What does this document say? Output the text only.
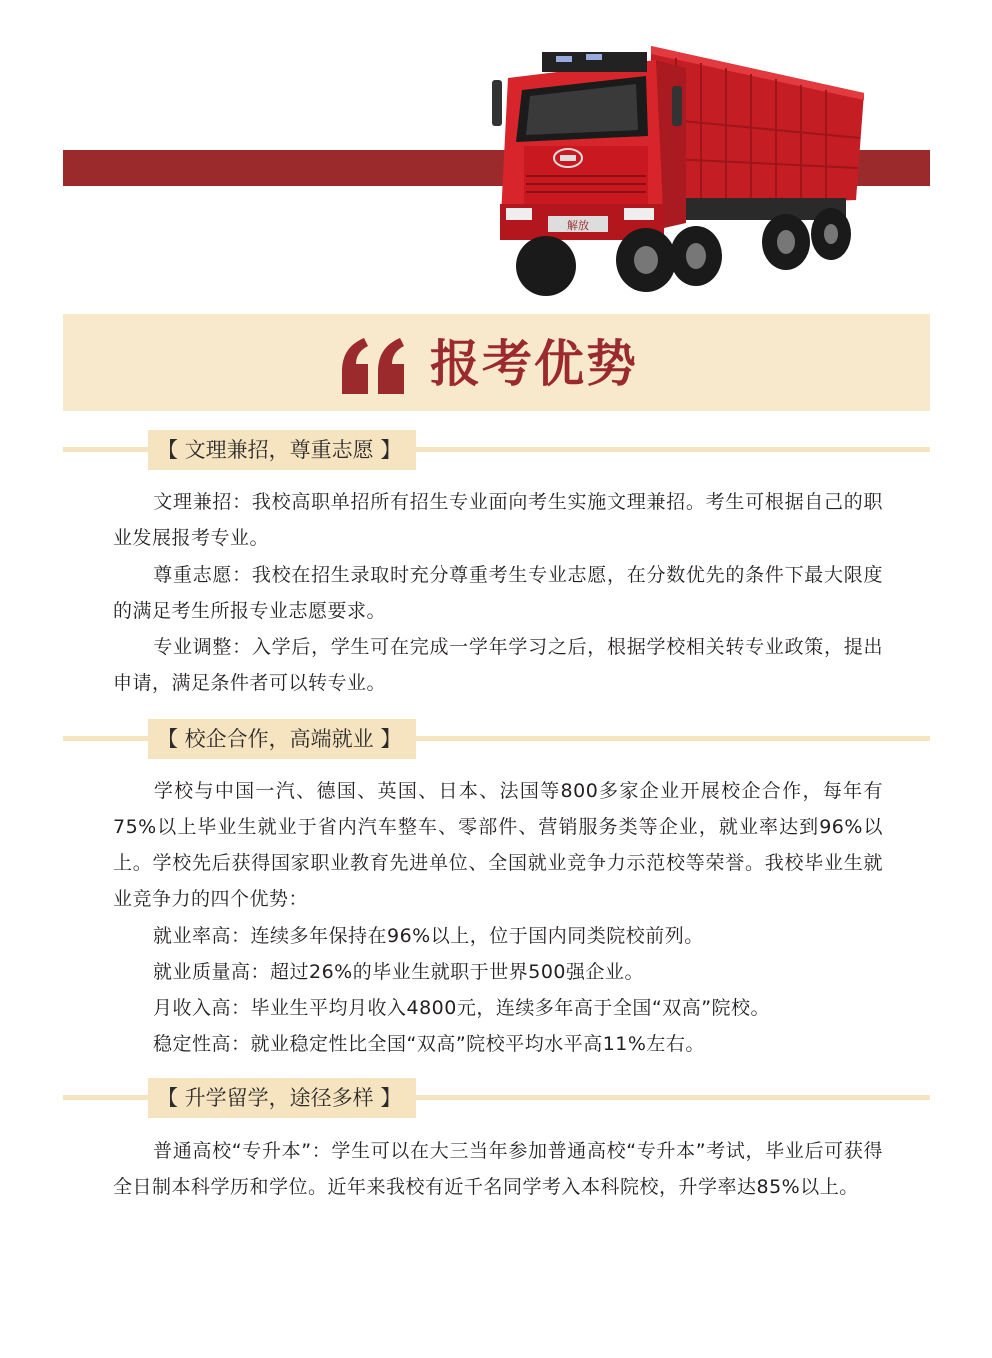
解放
报考优势
【 文理兼招，尊重志愿 】
文理兼招：我校高职单招所有招生专业面向考生实施文理兼招。考生可根据自己的职业发展报考专业。
尊重志愿：我校在招生录取时充分尊重考生专业志愿，在分数优先的条件下最大限度的满足考生所报专业志愿要求。
专业调整：入学后，学生可在完成一学年学习之后，根据学校相关转专业政策，提出申请，满足条件者可以转专业。
【 校企合作，高端就业 】
学校与中国一汽、德国、英国、日本、法国等800多家企业开展校企合作，每年有75%以上毕业生就业于省内汽车整车、零部件、营销服务类等企业，就业率达到96%以上。学校先后获得国家职业教育先进单位、全国就业竞争力示范校等荣誉。我校毕业生就业竞争力的四个优势：
就业率高：连续多年保持在96%以上，位于国内同类院校前列。
就业质量高：超过26%的毕业生就职于世界500强企业。
月收入高：毕业生平均月收入4800元，连续多年高于全国“双高”院校。
稳定性高：就业稳定性比全国“双高”院校平均水平高11%左右。
【 升学留学，途径多样 】
普通高校“专升本”：学生可以在大三当年参加普通高校“专升本”考试，毕业后可获得全日制本科学历和学位。近年来我校有近千名同学考入本科院校，升学率达85%以上。
